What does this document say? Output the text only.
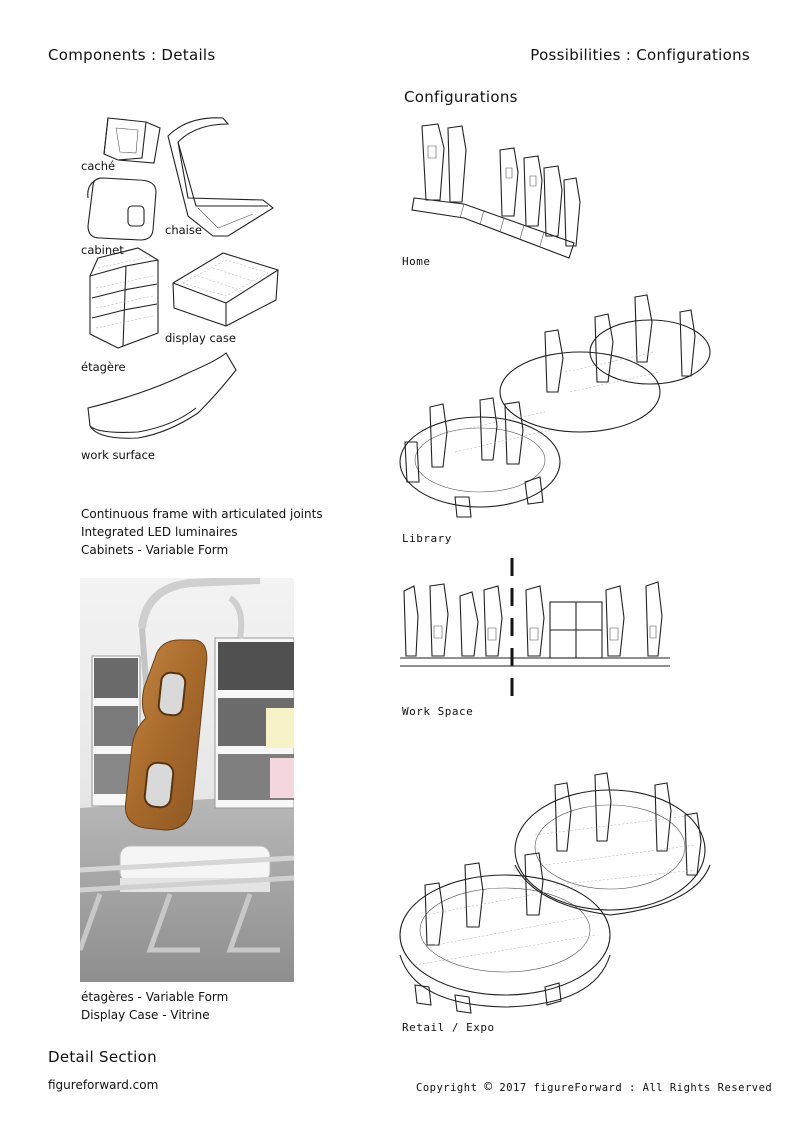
Components : Details	Possibilities : Configurations
Configurations
caché
chaise
cabinet
display case
étagère
work surface
Continuous frame with articulated joints
Integrated LED luminaires
Cabinets - Variable Form
étagères - Variable Form
Display Case - Vitrine
Home
Library
Work Space
Retail / Expo
Detail Section
figureforward.com	Copyright © 2017 figureForward : All Rights Reserved
